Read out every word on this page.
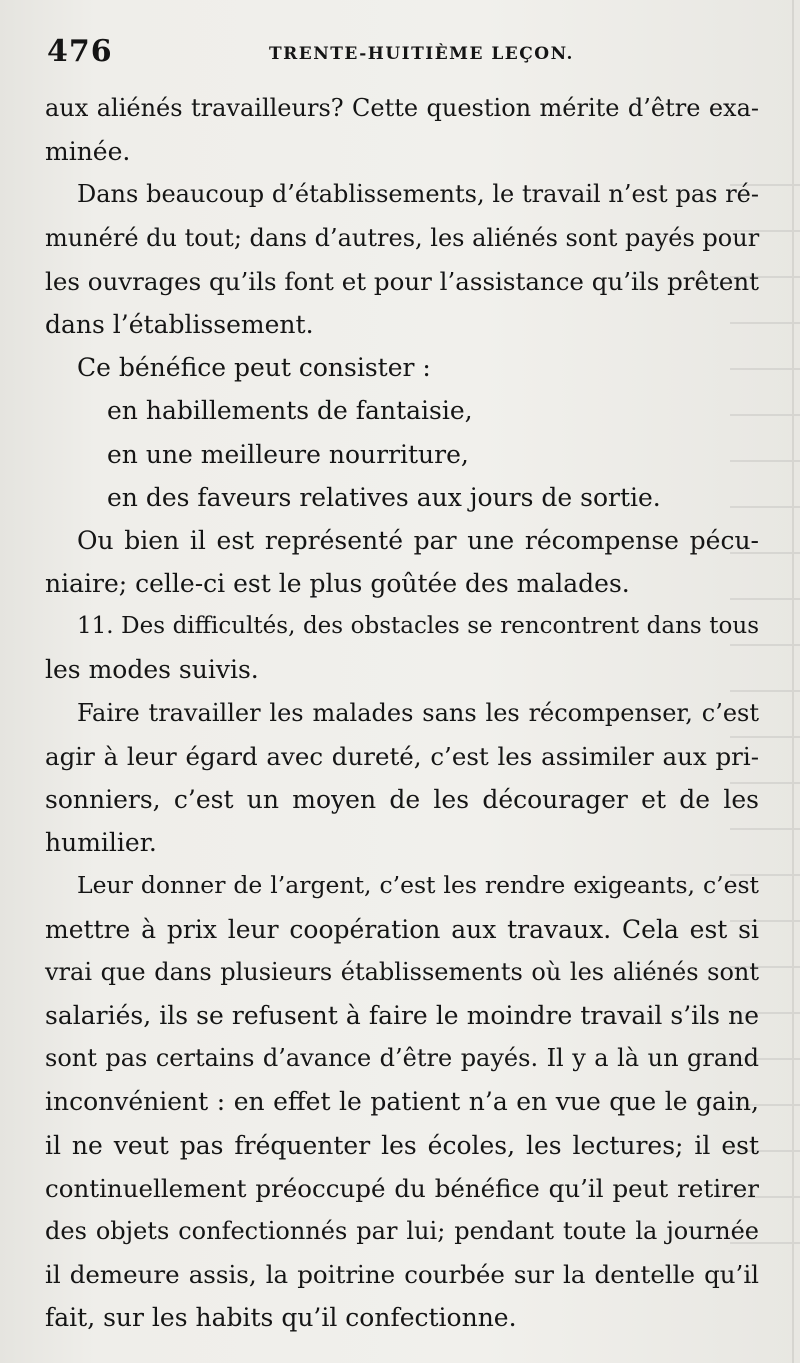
476	TRENTE-HUITIÈME LEÇON.
aux aliénés travailleurs? Cette question mérite d’être exa-
minée.
Dans beaucoup d’établissements, le travail n’est pas ré-
munéré du tout; dans d’autres, les aliénés sont payés pour
les ouvrages qu’ils font et pour l’assistance qu’ils prêtent
dans l’établissement.
Ce bénéfice peut consister :
en habillements de fantaisie,
en une meilleure nourriture,
en des faveurs relatives aux jours de sortie.
Ou bien il est représenté par une récompense pécu-
niaire; celle-ci est le plus goûtée des malades.
11. Des difficultés, des obstacles se rencontrent dans tous
les modes suivis.
Faire travailler les malades sans les récompenser, c’est
agir à leur égard avec dureté, c’est les assimiler aux pri-
sonniers, c’est un moyen de les décourager et de les
humilier.
Leur donner de l’argent, c’est les rendre exigeants, c’est
mettre à prix leur coopération aux travaux. Cela est si
vrai que dans plusieurs établissements où les aliénés sont
salariés, ils se refusent à faire le moindre travail s’ils ne
sont pas certains d’avance d’être payés. Il y a là un grand
inconvénient : en effet le patient n’a en vue que le gain,
il ne veut pas fréquenter les écoles, les lectures; il est
continuellement préoccupé du bénéfice qu’il peut retirer
des objets confectionnés par lui; pendant toute la journée
il demeure assis, la poitrine courbée sur la dentelle qu’il
fait, sur les habits qu’il confectionne.
